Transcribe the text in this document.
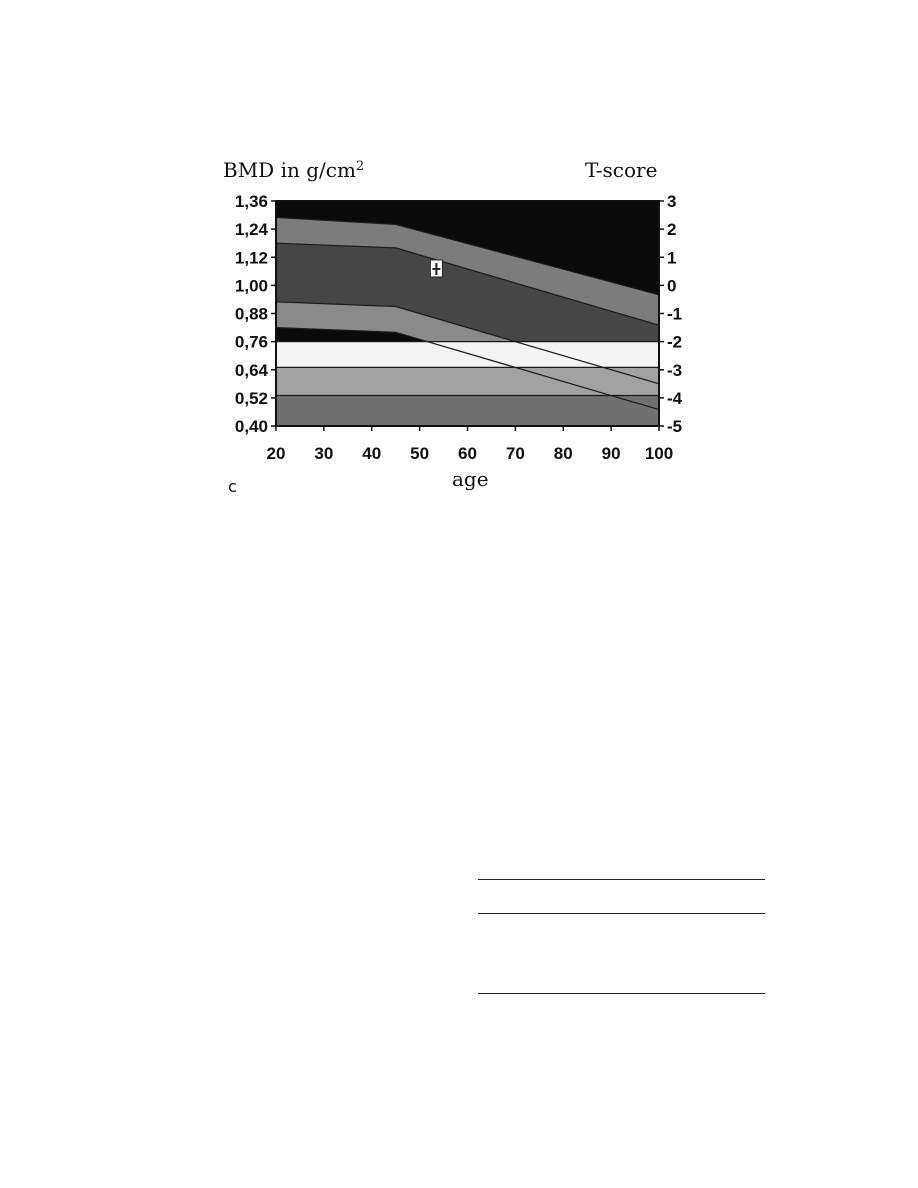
1,36
1,24
1,12
1,00
0,88
0,76
0,64
0,52
0,40
3
2
1
0
-1
-2
-3
-4
-5
20 30 40 50 60 70 80 90 100
BMD in $g/cm^2$	T-score
age
c
